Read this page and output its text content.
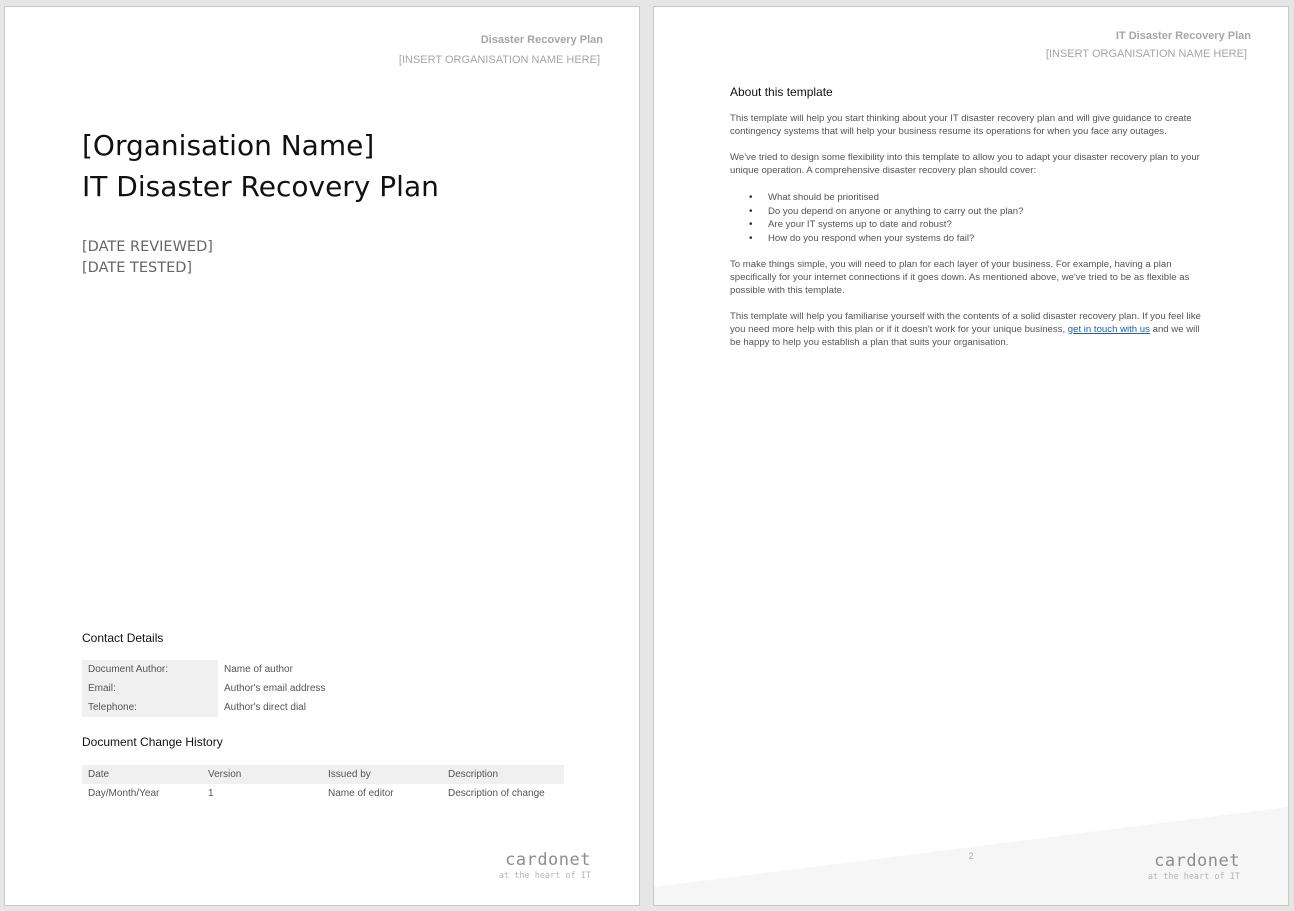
Disaster Recovery Plan
[INSERT ORGANISATION NAME HERE]
[Organisation Name]
IT Disaster Recovery Plan
[DATE REVIEWED]
[DATE TESTED]
Contact Details
Document Author:	Name of author
Email:	Author's email address
Telephone:	Author's direct dial
Document Change History
Date	Version	Issued by	Description
Day/Month/Year	1	Name of editor	Description of change
cardonet
at the heart of IT
IT Disaster Recovery Plan
[INSERT ORGANISATION NAME HERE]
About this template
This template will help you start thinking about your IT disaster recovery plan and will give guidance to create contingency systems that will help your business resume its operations for when you face any outages.
We've tried to design some flexibility into this template to allow you to adapt your disaster recovery plan to your unique operation. A comprehensive disaster recovery plan should cover:
• What should be prioritised
• Do you depend on anyone or anything to carry out the plan?
• Are your IT systems up to date and robust?
• How do you respond when your systems do fail?
To make things simple, you will need to plan for each layer of your business. For example, having a plan specifically for your internet connections if it goes down. As mentioned above, we've tried to be as flexible as possible with this template.
This template will help you familiarise yourself with the contents of a solid disaster recovery plan. If you feel like you need more help with this plan or if it doesn't work for your unique business, get in touch with us and we will be happy to help you establish a plan that suits your organisation.
2	cardonet
at the heart of IT
